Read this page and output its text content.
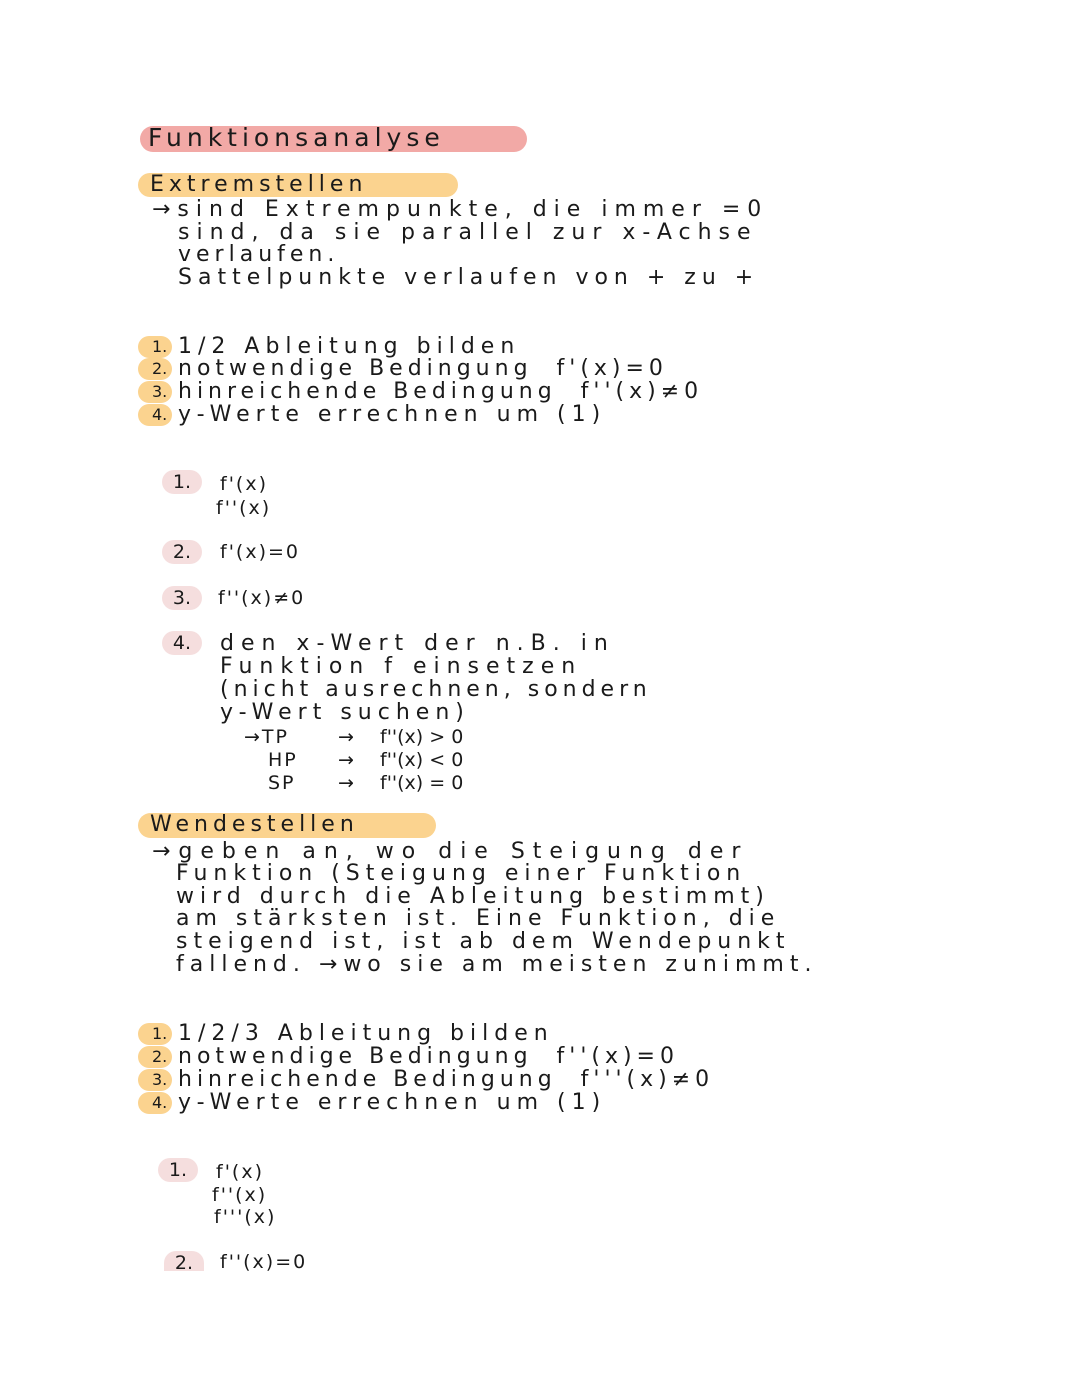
Funktionsanalyse
Extremstellen
→sind Extrempunkte, die immer =0
sind, da sie parallel zur x-Achse
verlaufen.
Sattelpunkte verlaufen von + zu +
1. 1/2 Ableitung bilden
2. notwendige Bedingung  f'(x)=0
3. hinreichende Bedingung  f''(x)≠0
4. y-Werte errechnen um (1)
1.	f'(x)
f''(x)
2.	f'(x)=0
3.	f''(x)≠0
4.	den x-Wert der n.B. in
Funktion f einsetzen
(nicht ausrechnen, sondern
y-Wert suchen)
→TP	→ f''(x) > 0
HP → f''(x) < 0
SP → f''(x) = 0
Wendestellen
→geben an, wo die Steigung der
Funktion (Steigung einer Funktion
wird durch die Ableitung bestimmt)
am stärksten ist. Eine Funktion, die
steigend ist, ist ab dem Wendepunkt
fallend. →wo sie am meisten zunimmt.
1. 1/2/3 Ableitung bilden
2. notwendige Bedingung  f''(x)=0
3. hinreichende Bedingung  f'''(x)≠0
4. y-Werte errechnen um (1)
1.	f'(x)
f''(x)
f'''(x)
2.	f''(x)=0
